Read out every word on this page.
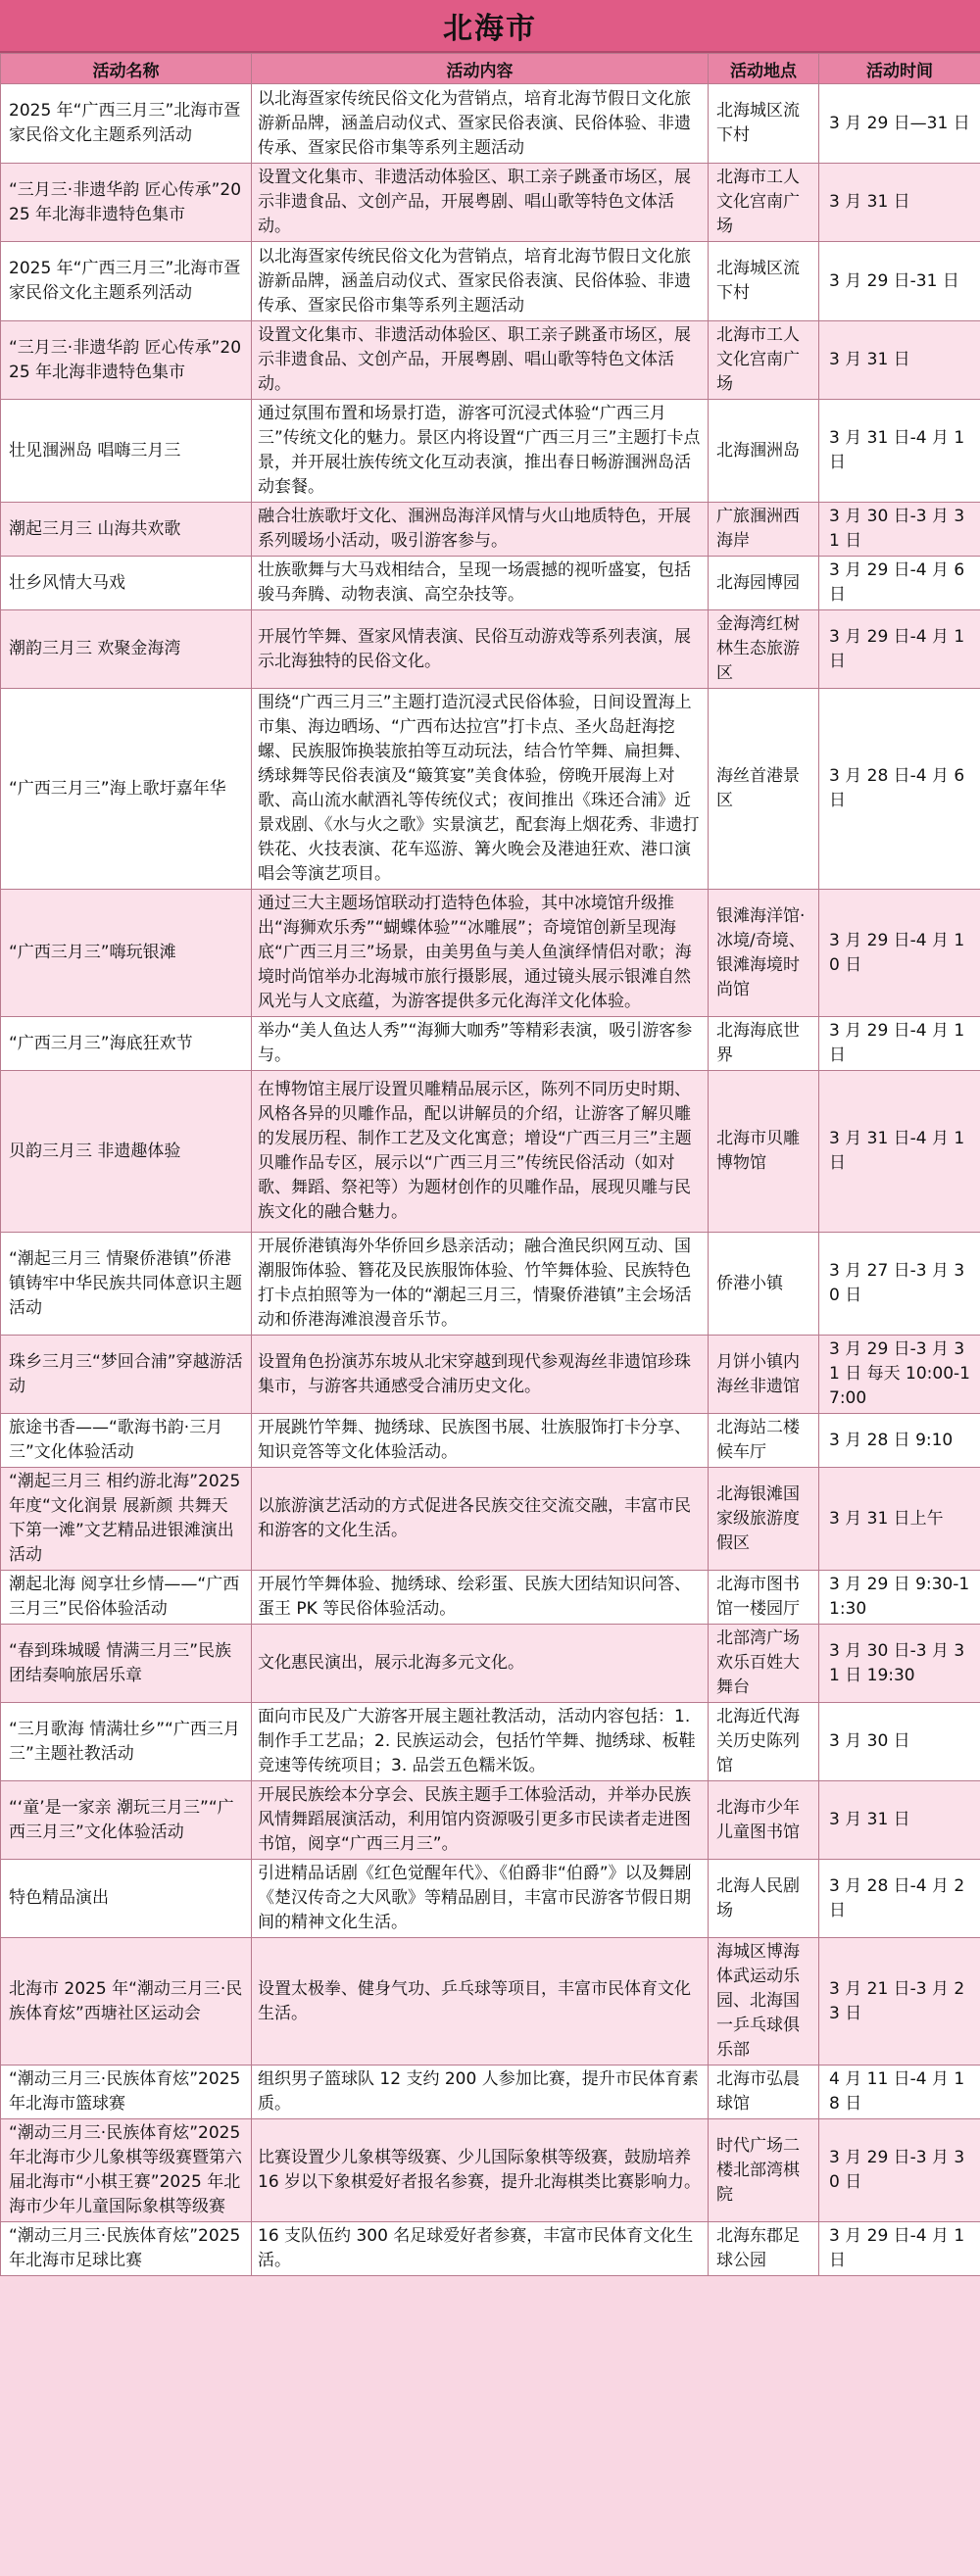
北海市
活动名称	活动内容	活动地点	活动时间
2025 年“广西三月三”北海市疍家民俗文化主题系列活动	以北海疍家传统民俗文化为营销点，培育北海节假日文化旅游新品牌，涵盖启动仪式、疍家民俗表演、民俗体验、非遗传承、疍家民俗市集等系列主题活动	北海城区流下村	3 月 29 日—31 日
“三月三·非遗华韵 匠心传承”2025 年北海非遗特色集市	设置文化集市、非遗活动体验区、职工亲子跳蚤市场区，展示非遗食品、文创产品，开展粤剧、唱山歌等特色文体活动。	北海市工人文化宫南广场	3 月 31 日
2025 年“广西三月三”北海市疍家民俗文化主题系列活动	以北海疍家传统民俗文化为营销点，培育北海节假日文化旅游新品牌，涵盖启动仪式、疍家民俗表演、民俗体验、非遗传承、疍家民俗市集等系列主题活动	北海城区流下村	3 月 29 日-31 日
“三月三·非遗华韵 匠心传承”2025 年北海非遗特色集市	设置文化集市、非遗活动体验区、职工亲子跳蚤市场区，展示非遗食品、文创产品，开展粤剧、唱山歌等特色文体活动。	北海市工人文化宫南广场	3 月 31 日
壮见涠洲岛 唱嗨三月三	通过氛围布置和场景打造，游客可沉浸式体验“广西三月三”传统文化的魅力。景区内将设置“广西三月三”主题打卡点景，并开展壮族传统文化互动表演，推出春日畅游涠洲岛活动套餐。	北海涠洲岛	3 月 31 日-4 月 1 日
潮起三月三 山海共欢歌	融合壮族歌圩文化、涠洲岛海洋风情与火山地质特色，开展系列暖场小活动，吸引游客参与。	广旅涠洲西海岸	3 月 30 日-3 月 31 日
壮乡风情大马戏	壮族歌舞与大马戏相结合，呈现一场震撼的视听盛宴，包括骏马奔腾、动物表演、高空杂技等。	北海园博园	3 月 29 日-4 月 6 日
潮韵三月三 欢聚金海湾	开展竹竿舞、疍家风情表演、民俗互动游戏等系列表演，展示北海独特的民俗文化。	金海湾红树林生态旅游区	3 月 29 日-4 月 1 日
“广西三月三”海上歌圩嘉年华	围绕“广西三月三”主题打造沉浸式民俗体验，日间设置海上市集、海边晒场、“广西布达拉宫”打卡点、圣火岛赶海挖螺、民族服饰换装旅拍等互动玩法，结合竹竿舞、扁担舞、绣球舞等民俗表演及“簸箕宴”美食体验，傍晚开展海上对歌、高山流水献酒礼等传统仪式；夜间推出《珠还合浦》近景戏剧、《水与火之歌》实景演艺，配套海上烟花秀、非遗打铁花、火技表演、花车巡游、篝火晚会及港迪狂欢、港口演唱会等演艺项目。	海丝首港景区	3 月 28 日-4 月 6 日
“广西三月三”嗨玩银滩	通过三大主题场馆联动打造特色体验，其中冰境馆升级推出“海狮欢乐秀”“蝴蝶体验”“冰雕展”；奇境馆创新呈现海底“广西三月三”场景，由美男鱼与美人鱼演绎情侣对歌；海境时尚馆举办北海城市旅行摄影展，通过镜头展示银滩自然风光与人文底蕴，为游客提供多元化海洋文化体验。	银滩海洋馆·冰境/奇境、银滩海境时尚馆	3 月 29 日-4 月 10 日
“广西三月三”海底狂欢节	举办“美人鱼达人秀”“海狮大咖秀”等精彩表演，吸引游客参与。	北海海底世界	3 月 29 日-4 月 1 日
贝韵三月三 非遗趣体验	在博物馆主展厅设置贝雕精品展示区，陈列不同历史时期、风格各异的贝雕作品，配以讲解员的介绍，让游客了解贝雕的发展历程、制作工艺及文化寓意；增设“广西三月三”主题贝雕作品专区，展示以“广西三月三”传统民俗活动（如对歌、舞蹈、祭祀等）为题材创作的贝雕作品，展现贝雕与民族文化的融合魅力。	北海市贝雕博物馆	3 月 31 日-4 月 1 日
“潮起三月三 情聚侨港镇”侨港镇铸牢中华民族共同体意识主题活动	开展侨港镇海外华侨回乡恳亲活动；融合渔民织网互动、国潮服饰体验、簪花及民族服饰体验、竹竿舞体验、民族特色打卡点拍照等为一体的“潮起三月三，情聚侨港镇”主会场活动和侨港海滩浪漫音乐节。	侨港小镇	3 月 27 日-3 月 30 日
珠乡三月三“梦回合浦”穿越游活动	设置角色扮演苏东坡从北宋穿越到现代参观海丝非遗馆珍珠集市，与游客共通感受合浦历史文化。	月饼小镇内海丝非遗馆	3 月 29 日-3 月 31 日 每天 10:00-17:00
旅途书香——“歌海书韵·三月三”文化体验活动	开展跳竹竿舞、抛绣球、民族图书展、壮族服饰打卡分享、知识竞答等文化体验活动。	北海站二楼候车厅	3 月 28 日 9:10
“潮起三月三 相约游北海”2025 年度“文化润景 展新颜 共舞天下第一滩”文艺精品进银滩演出活动	以旅游演艺活动的方式促进各民族交往交流交融，丰富市民和游客的文化生活。	北海银滩国家级旅游度假区	3 月 31 日上午
潮起北海 阅享壮乡情——“广西三月三”民俗体验活动	开展竹竿舞体验、抛绣球、绘彩蛋、民族大团结知识问答、蛋王 PK 等民俗体验活动。	北海市图书馆一楼园厅	3 月 29 日 9:30-11:30
“春到珠城暖 情满三月三”民族团结奏响旅居乐章	文化惠民演出，展示北海多元文化。	北部湾广场欢乐百姓大舞台	3 月 30 日-3 月 31 日 19:30
“三月歌海 情满壮乡”“广西三月三”主题社教活动	面向市民及广大游客开展主题社教活动，活动内容包括：1. 制作手工艺品；2. 民族运动会，包括竹竿舞、抛绣球、板鞋竞速等传统项目；3. 品尝五色糯米饭。	北海近代海关历史陈列馆	3 月 30 日
“‘童’是一家亲 潮玩三月三”“广西三月三”文化体验活动	开展民族绘本分享会、民族主题手工体验活动，并举办民族风情舞蹈展演活动，利用馆内资源吸引更多市民读者走进图书馆，阅享“广西三月三”。	北海市少年儿童图书馆	3 月 31 日
特色精品演出	引进精品话剧《红色觉醒年代》、《伯爵非“伯爵”》以及舞剧《楚汉传奇之大风歌》等精品剧目，丰富市民游客节假日期间的精神文化生活。	北海人民剧场	3 月 28 日-4 月 2 日
北海市 2025 年“潮动三月三·民族体育炫”西塘社区运动会	设置太极拳、健身气功、乒乓球等项目，丰富市民体育文化生活。	海城区博海体武运动乐园、北海国一乒乓球俱乐部	3 月 21 日-3 月 23 日
“潮动三月三·民族体育炫”2025 年北海市篮球赛	组织男子篮球队 12 支约 200 人参加比赛，提升市民体育素质。	北海市弘晨球馆	4 月 11 日-4 月 18 日
“潮动三月三·民族体育炫”2025 年北海市少儿象棋等级赛暨第六届北海市“小棋王赛”2025 年北海市少年儿童国际象棋等级赛	比赛设置少儿象棋等级赛、少儿国际象棋等级赛，鼓励培养 16 岁以下象棋爱好者报名参赛，提升北海棋类比赛影响力。	时代广场二楼北部湾棋院	3 月 29 日-3 月 30 日
“潮动三月三·民族体育炫”2025 年北海市足球比赛	16 支队伍约 300 名足球爱好者参赛，丰富市民体育文化生活。	北海东郡足球公园	3 月 29 日-4 月 1 日
